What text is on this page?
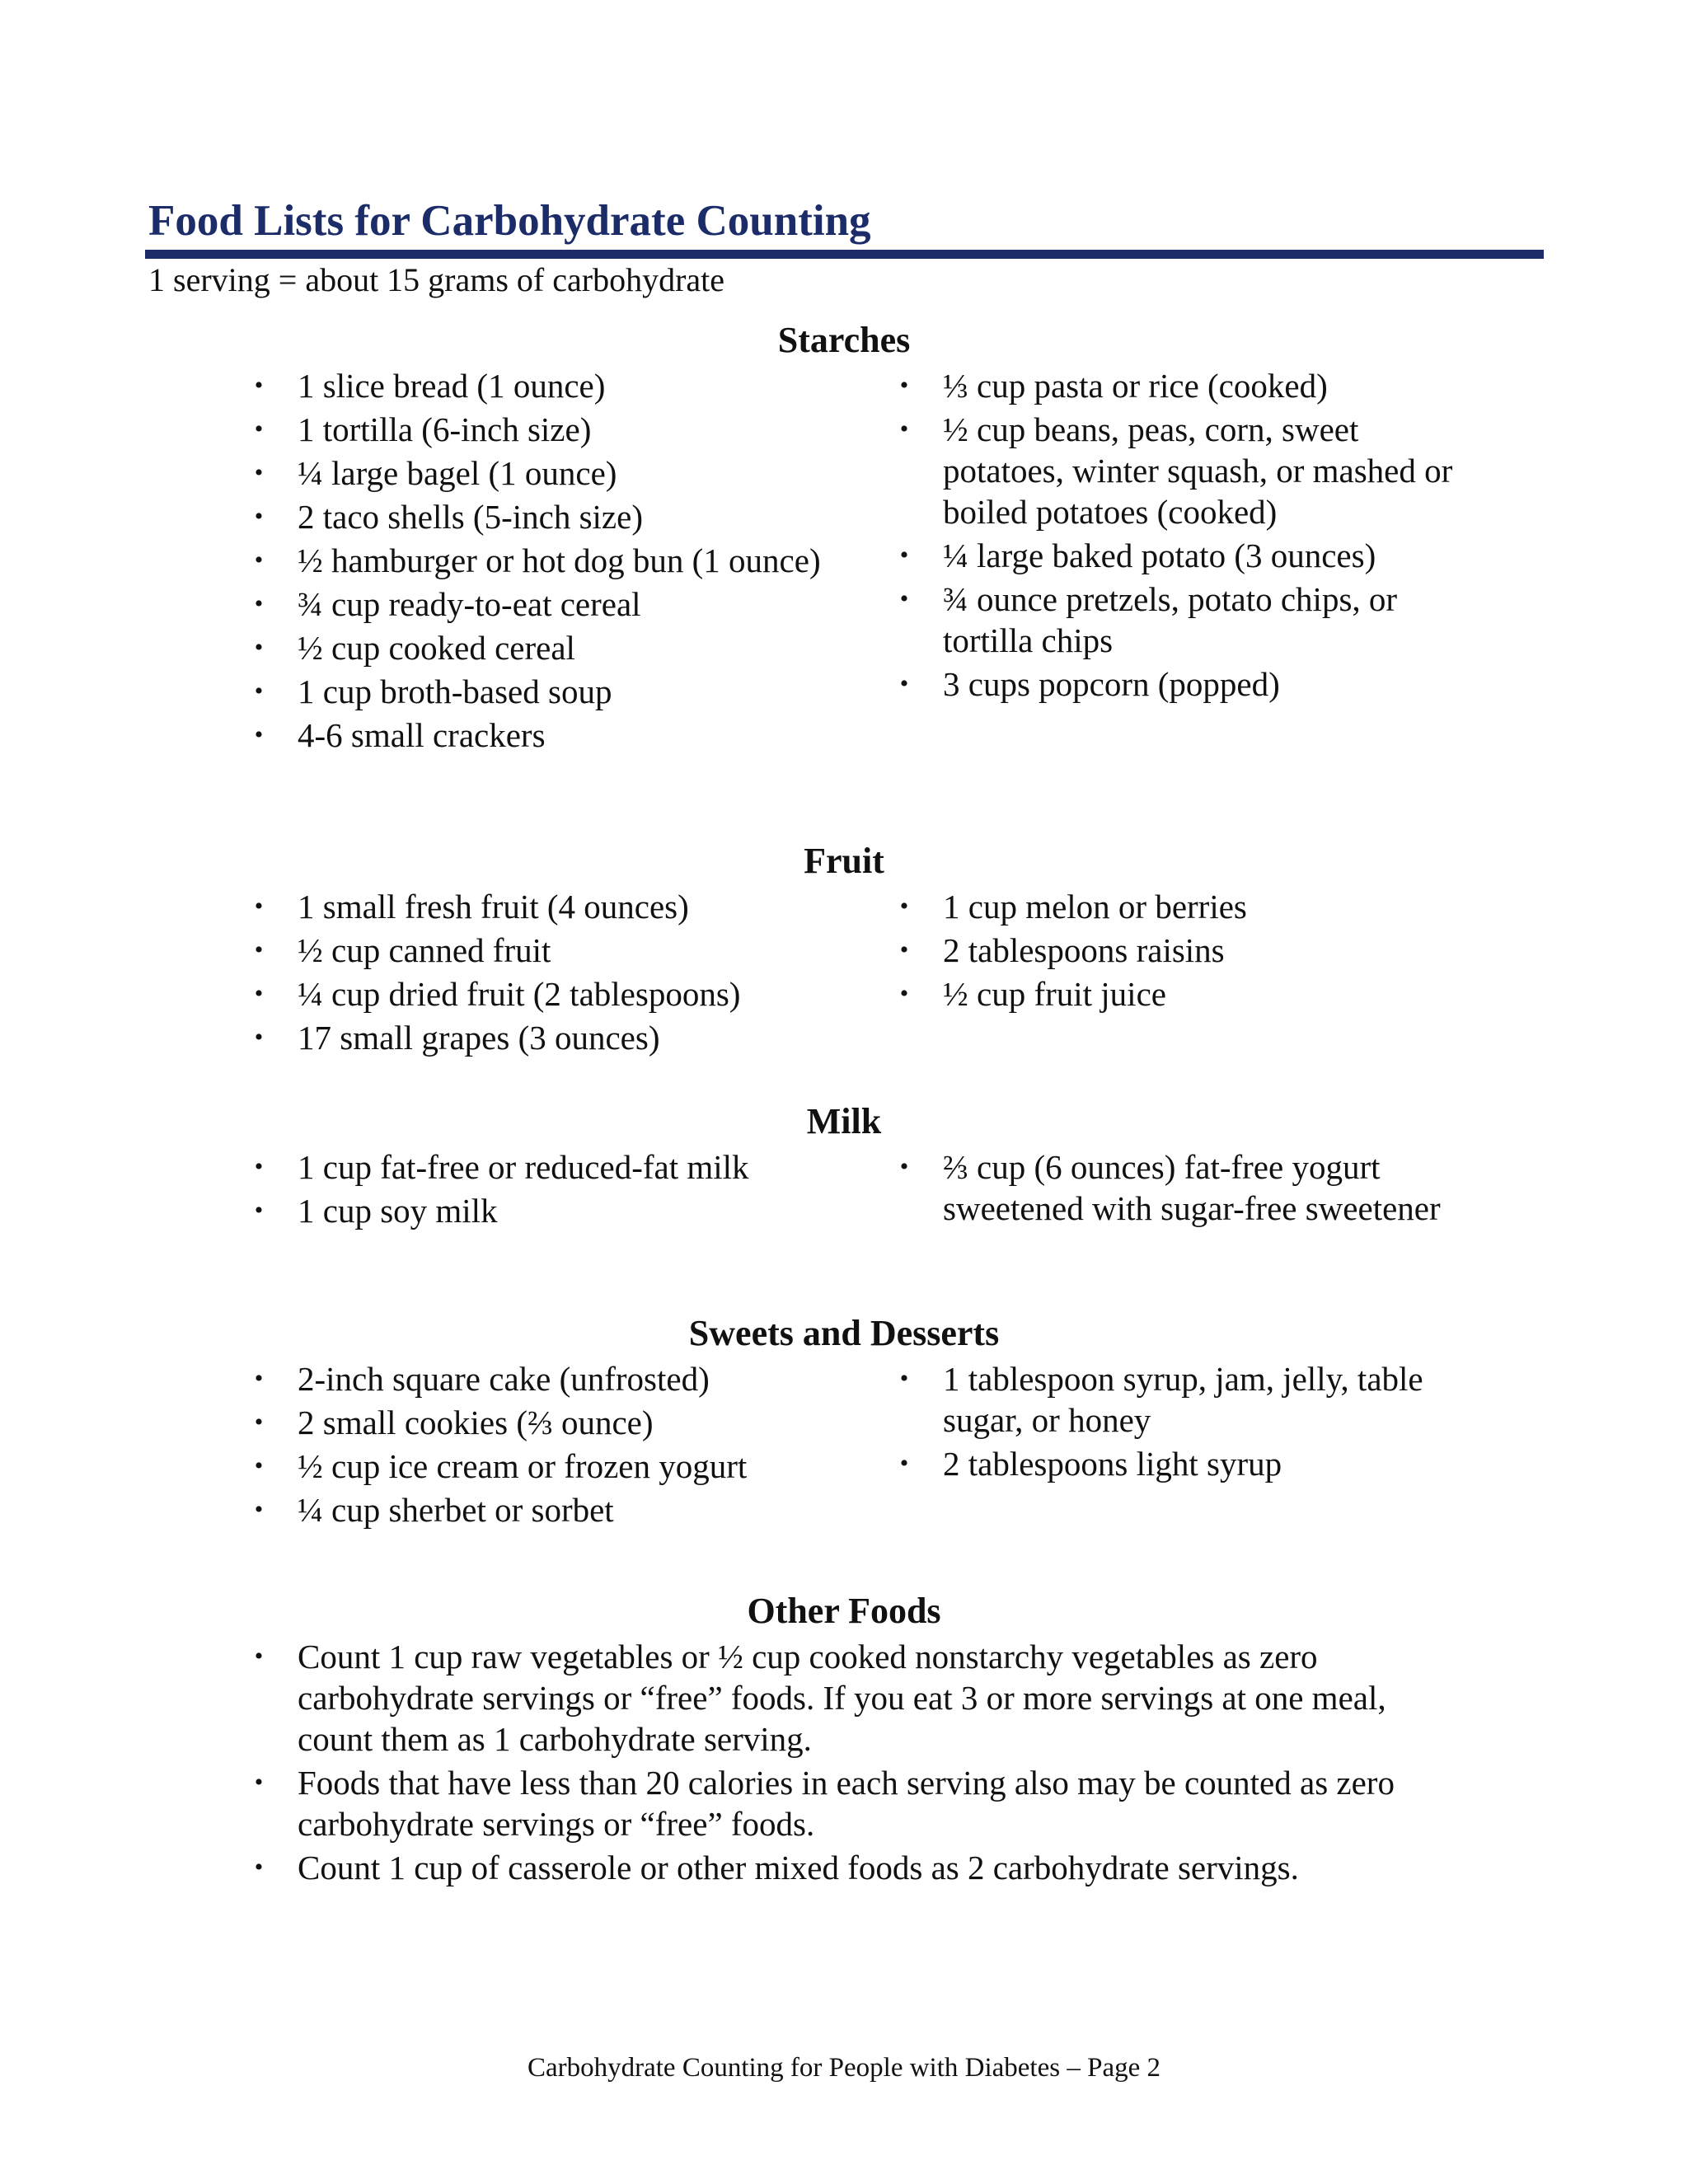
Food Lists for Carbohydrate Counting
1 serving = about 15 grams of carbohydrate
Starches
• 1 slice bread (1 ounce)
• 1 tortilla (6-inch size)
• ¼ large bagel (1 ounce)
• 2 taco shells (5-inch size)
• ½ hamburger or hot dog bun (1 ounce)
• ¾ cup ready-to-eat cereal
• ½ cup cooked cereal
• 1 cup broth-based soup
• 4-6 small crackers
• ⅓ cup pasta or rice (cooked)
• ½ cup beans, peas, corn, sweet potatoes, winter squash, or mashed or boiled potatoes (cooked)
• ¼ large baked potato (3 ounces)
• ¾ ounce pretzels, potato chips, or tortilla chips
• 3 cups popcorn (popped)
Fruit
• 1 small fresh fruit (4 ounces)
• ½ cup canned fruit
• ¼ cup dried fruit (2 tablespoons)
• 17 small grapes (3 ounces)
• 1 cup melon or berries
• 2 tablespoons raisins
• ½ cup fruit juice
Milk
• 1 cup fat-free or reduced-fat milk
• 1 cup soy milk
• ⅔ cup (6 ounces) fat-free yogurt sweetened with sugar-free sweetener
Sweets and Desserts
• 2-inch square cake (unfrosted)
• 2 small cookies (⅔ ounce)
• ½ cup ice cream or frozen yogurt
• ¼ cup sherbet or sorbet
• 1 tablespoon syrup, jam, jelly, table sugar, or honey
• 2 tablespoons light syrup
Other Foods
• Count 1 cup raw vegetables or ½ cup cooked nonstarchy vegetables as zero carbohydrate servings or “free” foods. If you eat 3 or more servings at one meal, count them as 1 carbohydrate serving.
• Foods that have less than 20 calories in each serving also may be counted as zero carbohydrate servings or “free” foods.
• Count 1 cup of casserole or other mixed foods as 2 carbohydrate servings.
Carbohydrate Counting for People with Diabetes – Page 2
